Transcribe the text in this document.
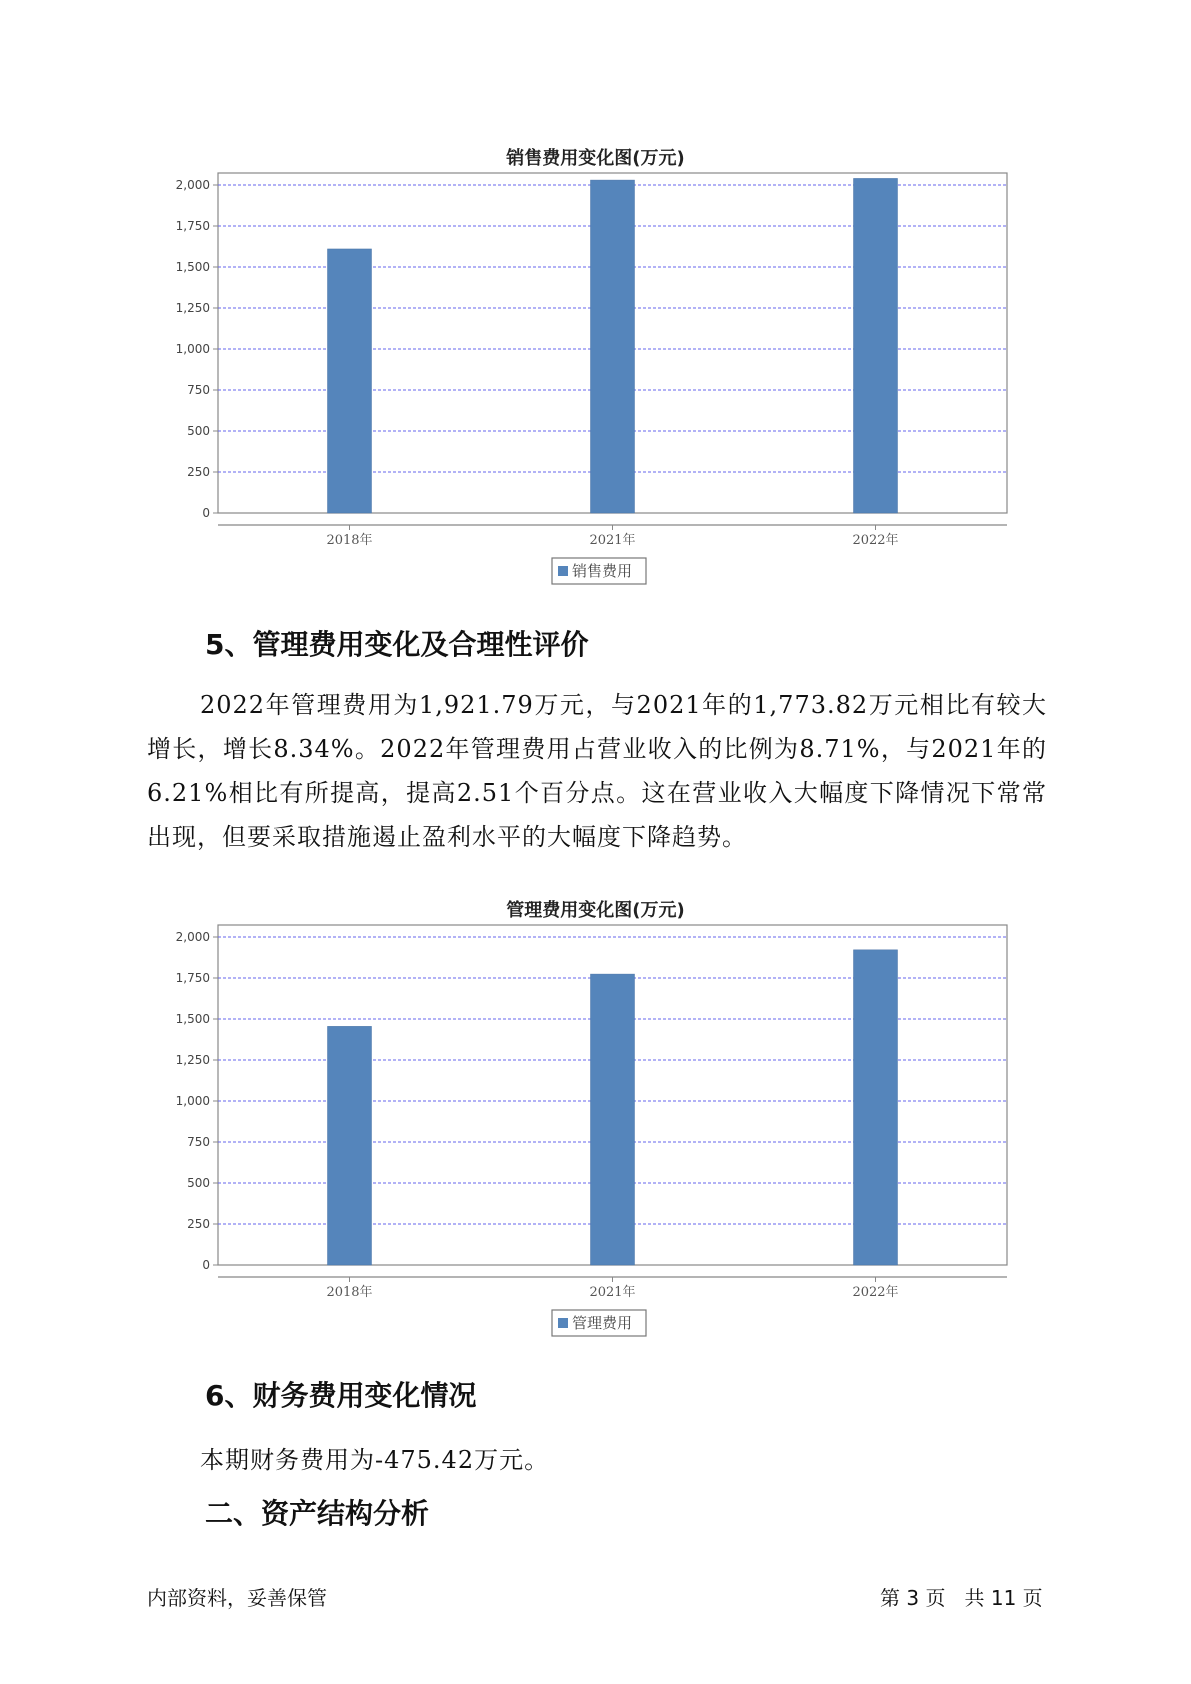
销售费用变化图(万元)
0
250
500
750
1,000
1,250
1,500
1,750
2,000
2018年	2021年	2022年
销售费用
5、管理费用变化及合理性评价
2022年管理费用为1,921.79万元，与2021年的1,773.82万元相比有较大增长，增长8.34%。2022年管理费用占营业收入的比例为8.71%，与2021年的6.21%相比有所提高，提高2.51个百分点。这在营业收入大幅度下降情况下常常出现，但要采取措施遏止盈利水平的大幅度下降趋势。
管理费用变化图(万元)
0
250
500
750
1,000
1,250
1,500
1,750
2,000
2018年	2021年	2022年
管理费用
6、财务费用变化情况
本期财务费用为-475.42万元。
二、资产结构分析
内部资料，妥善保管	第 3 页   共 11 页
